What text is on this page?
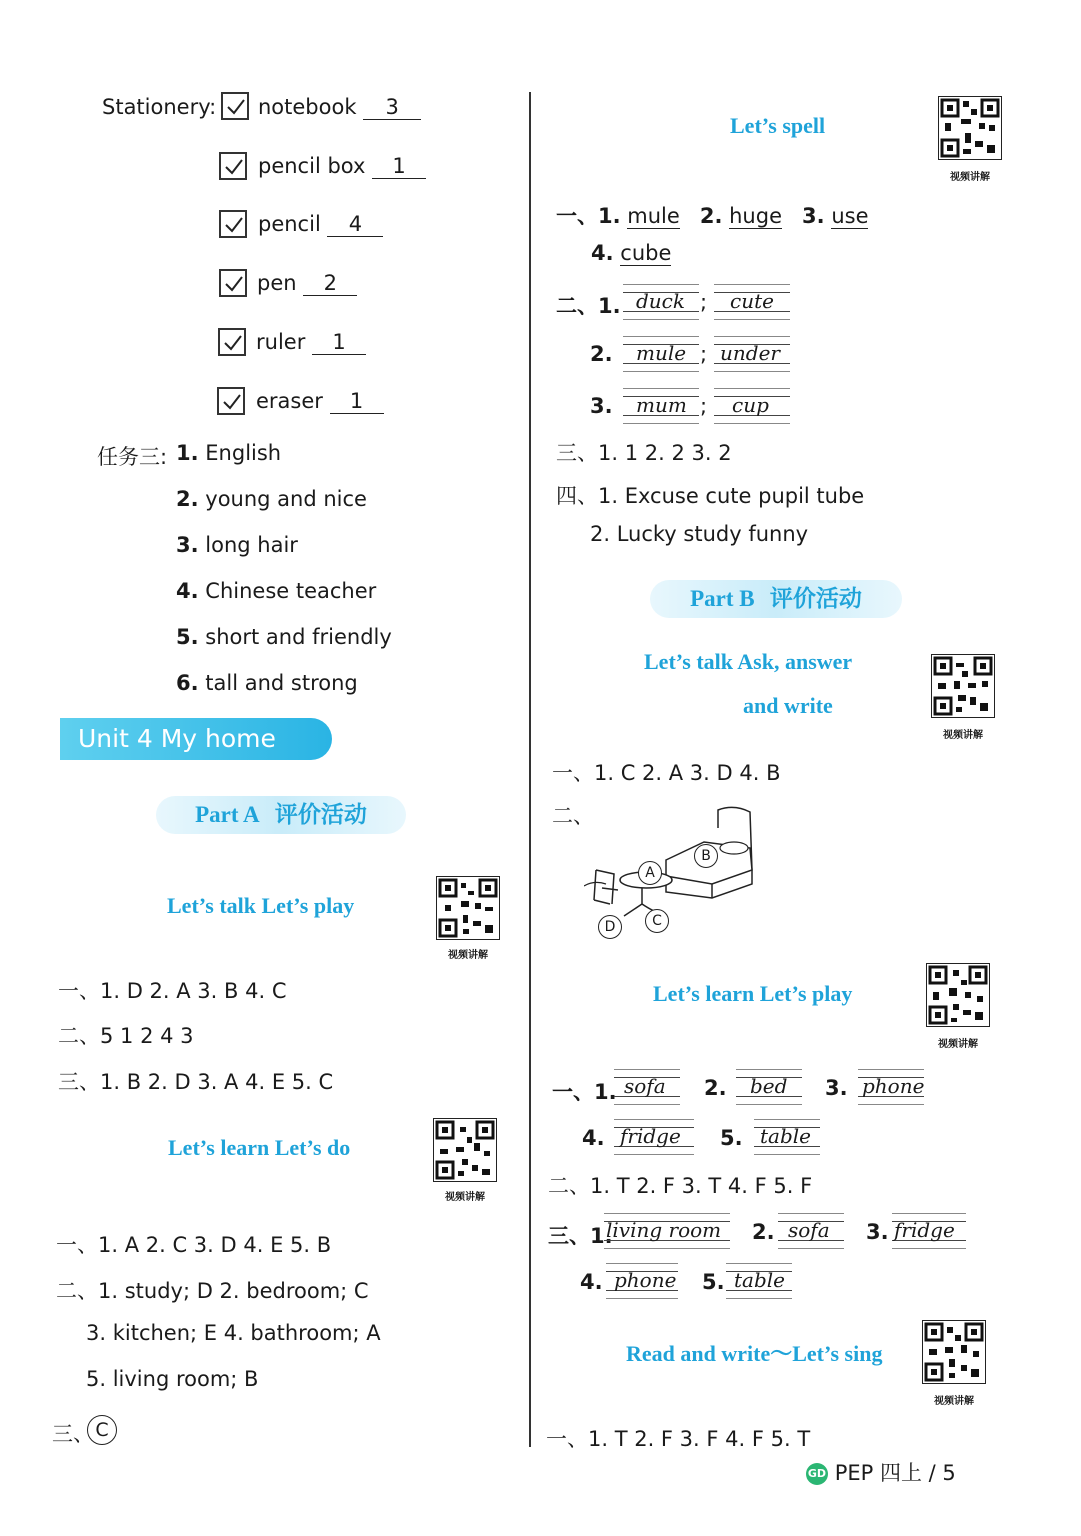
Stationery: notebook 3
pencil box 1
pencil 4
pen 2
ruler 1
eraser 1
任务三: 1. English
2. young and nice
3. long hair
4. Chinese teacher
5. short and friendly
6. tall and strong
Unit 4 My home
Part A 评价活动
Let’s talk Let’s play
视频讲解
一、1. D 2. A 3. B 4. C
二、5 1 2 4 3
三、1. B 2. D 3. A 4. E 5. C
Let’s learn Let’s do
视频讲解
一、1. A 2. C 3. D 4. E 5. B
二、1. study; D 2. bedroom; C
3. kitchen; E 4. bathroom; A
5. living room; B
三、 C
Let’s spell
视频讲解
一、1. mule 2. huge 3. use
4. cube
二、1. duck ; cute
2. mule ; under
3. mum ; cup
三、1. 1 2. 2 3. 2
四、1. Excuse cute pupil tube
2. Lucky study funny
Part B 评价活动
Let’s talk Ask, answer
and write
视频讲解
一、1. C 2. A 3. D 4. B
二、
A
B
C
D
Let’s learn Let’s play
视频讲解
一、1. sofa 2. bed 3. phone
4. fridge 5. table
二、1. T 2. F 3. T 4. F 5. F
三、1.
living room 2. sofa 3. fridge
4. phone 5. table
Read and write～Let’s sing
视频讲解
一、1. T 2. F 3. F 4. F 5. T
GD PEP 四上 / 5
